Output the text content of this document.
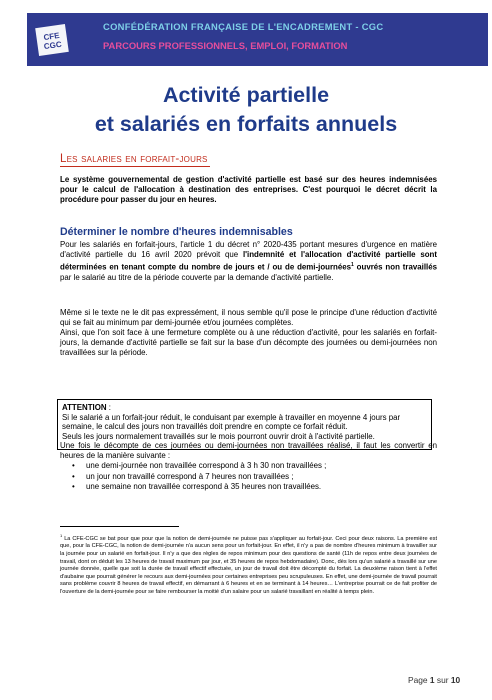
CFE
CGC
CONFÉDÉRATION FRANÇAISE DE L'ENCADREMENT - CGC
PARCOURS PROFESSIONNELS, EMPLOI, FORMATION
Activité partielle
et salariés en forfaits annuels
Les salaries en forfait-jours
Le système gouvernemental de gestion d'activité partielle est basé sur des heures indemnisées pour le calcul de l'allocation à destination des entreprises. C'est pourquoi le décret décrit la procédure pour passer du jour en heures.
Déterminer le nombre d'heures indemnisables
Pour les salariés en forfait-jours, l'article 1 du décret n° 2020-435 portant mesures d'urgence en matière d'activité partielle du 16 avril 2020 prévoit que l'indemnité et l'allocation d'activité partielle sont déterminées en tenant compte du nombre de jours et / ou de demi-journées$^1$ ouvrés non travaillés par le salarié au titre de la période couverte par la demande d'activité partielle.
Même si le texte ne le dit pas expressément, il nous semble qu'il pose le principe d'une réduction d'activité qui se fait au minimum par demi-journée et/ou journées complètes.
Ainsi, que l'on soit face à une fermeture complète ou à une réduction d'activité, pour les salariés en forfait-jours, la demande d'activité partielle se fait sur la base d'un décompte des journées ou demi-journées non travaillées sur la période.
ATTENTION :
Si le salarié a un forfait-jour réduit, le conduisant par exemple à travailler en moyenne 4 jours par semaine, le calcul des jours non travaillés doit prendre en compte ce forfait réduit.
Seuls les jours normalement travaillés sur le mois pourront ouvrir droit à l'activité partielle.
Une fois le décompte de ces journées ou demi-journées non travaillées réalisé, il faut les convertir en heures de la manière suivante :
• une demi-journée non travaillée correspond à 3 h 30 non travaillées ;
• un jour non travaillé correspond à 7 heures non travaillées ;
• une semaine non travaillée correspond à 35 heures non travaillées.
$^1$ La CFE-CGC se bat pour que pour que la notion de demi-journée ne puisse pas s'appliquer au forfait-jour. Ceci pour deux raisons. La première est que, pour la CFE-CGC, la notion de demi-journée n'a aucun sens pour un forfait-jour. En effet, il n'y a pas de nombre d'heures minimum à travailler sur la journée pour un salarié en forfait-jour. Il n'y a que des règles de repos minimum pour des questions de santé (11h de repos entre deux journées de travail, dont on déduit les 13 heures de travail maximum par jour, et 35 heures de repos hebdomadaire). Donc, dès lors qu'un salarié a travaillé sur une journée donnée, quelle que soit la durée de travail effectif effectuée, un jour de travail doit être décompté du forfait. La deuxième raison tient à l'effet d'aubaine que pourrait générer le recours aux demi-journées pour certaines entreprises peu scrupuleuses. En effet, une demi-journée de travail pourrait sans problème couvrir 8 heures de travail effectif, en démarrant à 6 heures et en se terminant à 14 heures… L'entreprise pourrait ce de fait profiter de l'ouverture de la demi-journée pour se faire rembourser la moitié d'un salaire pour un salarié travaillant en réalité à temps plein.
Page 1 sur 10
